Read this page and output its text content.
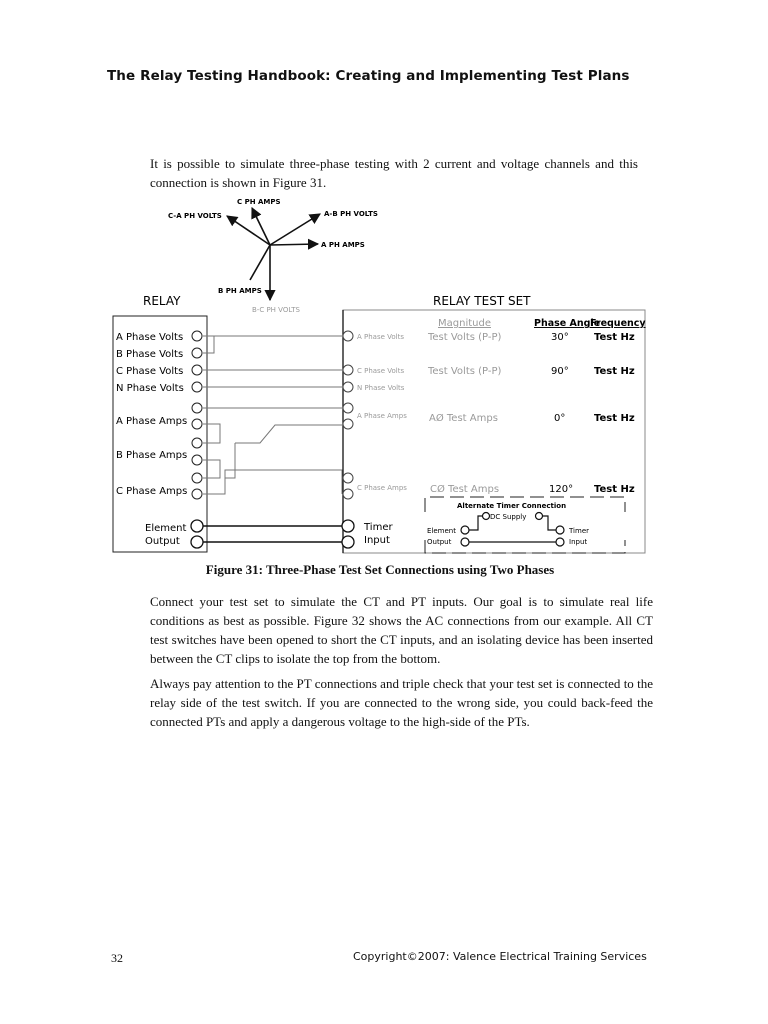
The Relay Testing Handbook: Creating and Implementing Test Plans

It is possible to simulate three-phase testing with 2 current and voltage channels and this connection is shown in Figure 31.

C PH AMPS
C-A PH VOLTS	A-B PH VOLTS
A PH AMPS
B PH AMPS
B-C PH VOLTS
RELAY
A Phase Volts
B Phase Volts
C Phase Volts
N Phase Volts
A Phase Amps
B Phase Amps
C Phase Amps
Element
Output
RELAY TEST SET
Magnitude	Phase Angle
Frequency
A Phase Volts
C Phase Volts
N Phase Volts
A Phase Amps
C Phase Amps
Test Volts (P-P)	30°	Test Hz
Test Volts (P-P)	90°	Test Hz
AØ Test Amps	0°	Test Hz
CØ Test Amps	120° Test Hz
Timer
Input
Alternate Timer Connection
DC Supply
Element
Output
Timer
Input
Figure 31: Three-Phase Test Set Connections using Two Phases

Connect your test set to simulate the CT and PT inputs. Our goal is to simulate real life conditions as best as possible. Figure 32 shows the AC connections from our example. All CT test switches have been opened to short the CT inputs, and an isolating device has been inserted between the CT clips to isolate the top from the bottom.

Always pay attention to the PT connections and triple check that your test set is connected to the relay side of the test switch. If you are connected to the wrong side, you could back-feed the connected PTs and apply a dangerous voltage to the high-side of the PTs.

32	Copyright©2007: Valence Electrical Training Services
